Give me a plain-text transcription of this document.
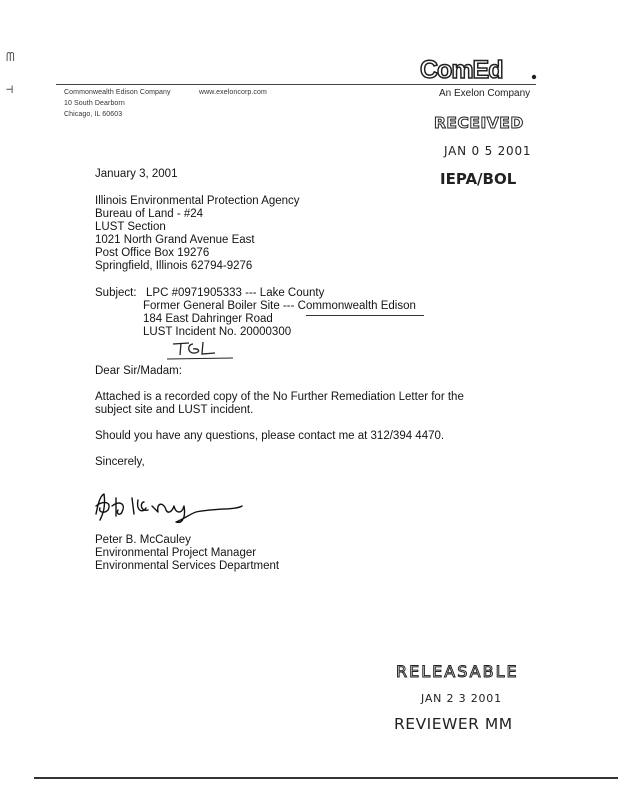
ᗰ
⊣
ComEd
Commonwealth Edison Company
10 South Dearborn
Chicago, IL 60603
www.exeloncorp.com	An Exelon Company
RECEIVED
JAN 0 5 2001
IEPA/BOL
January 3, 2001
Illinois Environmental Protection Agency
Bureau of Land - #24
LUST Section
1021 North Grand Avenue East
Post Office Box 19276
Springfield, Illinois 62794-9276
Subject: LPC #0971905333 --- Lake County
Former General Boiler Site --- Commonwealth Edison
184 East Dahringer Road
LUST Incident No. 20000300
Dear Sir/Madam:
Attached is a recorded copy of the No Further Remediation Letter for the subject site and LUST incident.
Should you have any questions, please contact me at 312/394 4470.
Sincerely,
Peter B. McCauley
Environmental Project Manager
Environmental Services Department
RELEASABLE
JAN 2 3 2001
REVIEWER MM
